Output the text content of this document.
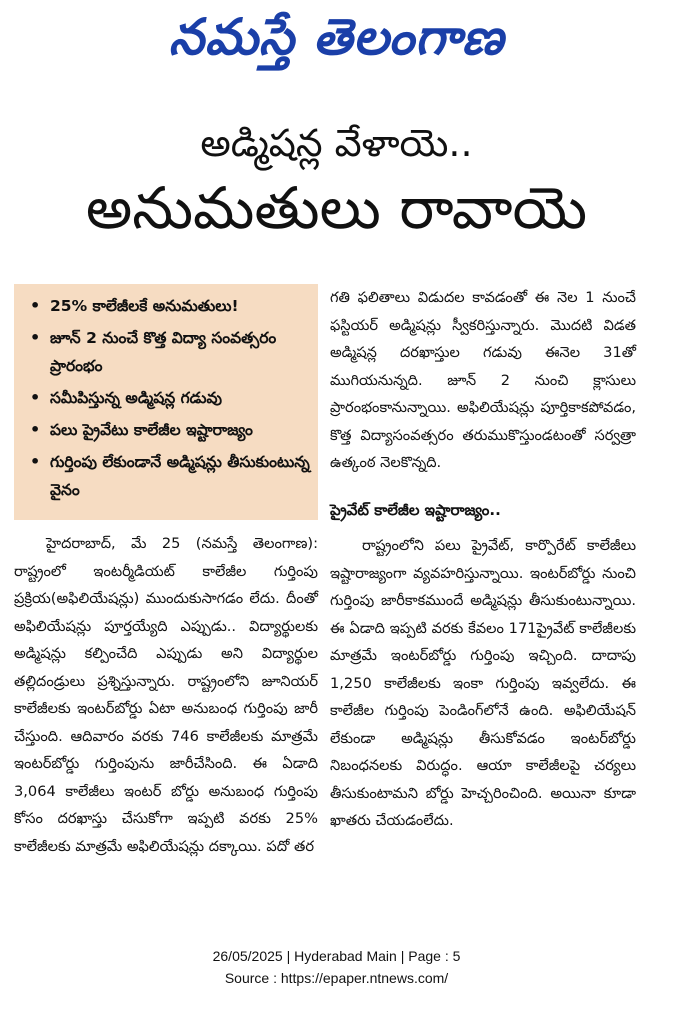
నమస్తే తెలంగాణ
అడ్మిషన్ల వేళాయె..
అనుమతులు రావాయె
• 25% కాలేజీలకే అనుమతులు!
• జూన్ 2 నుంచే కొత్త విద్యా సంవత్సరం ప్రారంభం
• సమీపిస్తున్న అడ్మిషన్ల గడువు
• పలు ప్రైవేటు కాలేజీల ఇష్టారాజ్యం
• గుర్తింపు లేకుండానే అడ్మిషన్లు తీసుకుంటున్న వైనం

హైదరాబాద్, మే 25 (నమస్తే తెలంగాణ): రాష్ట్రంలో ఇంటర్మీడియట్ కాలేజీల గుర్తింపు ప్రక్రియ(అఫిలియేషన్లు) ముందుకుసాగడం లేదు. దీంతో అఫిలియేషన్లు పూర్తయ్యేది ఎప్పుడు.. విద్యార్థులకు అడ్మిషన్లు కల్పించేది ఎప్పుడు అని విద్యార్థుల తల్లిదండ్రులు ప్రశ్నిస్తున్నారు. రాష్ట్రంలోని జూనియర్ కాలేజీలకు ఇంటర్‌బోర్డు ఏటా అనుబంధ గుర్తింపు జారీ చేస్తుంది. ఆదివారం వరకు 746 కాలేజీలకు మాత్రమే ఇంటర్‌బోర్డు గుర్తింపును జారీచేసింది. ఈ ఏడాది 3,064 కాలేజీలు ఇంటర్ బోర్డు అనుబంధ గుర్తింపు కోసం దరఖాస్తు చేసుకోగా ఇప్పటి వరకు 25% కాలేజీలకు మాత్రమే అఫిలియేషన్లు దక్కాయి. పదో తర

గతి ఫలితాలు విడుదల కావడంతో ఈ నెల 1 నుంచే ఫస్టియర్ అడ్మిషన్లు స్వీకరిస్తున్నారు. మొదటి విడత అడ్మిషన్ల దరఖాస్తుల గడువు ఈనెల 31తో ముగియనున్నది. జూన్ 2 నుంచి క్లాసులు ప్రారంభంకానున్నాయి. అఫిలియేషన్లు పూర్తికాకపోవడం, కొత్త విద్యాసంవత్సరం తరుముకొస్తుండటంతో సర్వత్రా ఉత్కంఠ నెలకొన్నది.

ప్రైవేట్ కాలేజీల ఇష్టారాజ్యం..

రాష్ట్రంలోని పలు ప్రైవేట్, కార్పొరేట్ కాలేజీలు ఇష్టారాజ్యంగా వ్యవహరిస్తున్నాయి. ఇంటర్‌బోర్డు నుంచి గుర్తింపు జారీకాకముందే అడ్మిషన్లు తీసుకుంటున్నాయి. ఈ ఏడాది ఇప్పటి వరకు కేవలం 171ప్రైవేట్ కాలేజీలకు మాత్రమే ఇంటర్‌బోర్డు గుర్తింపు ఇచ్చింది. దాదాపు 1,250 కాలేజీలకు ఇంకా గుర్తింపు ఇవ్వలేదు. ఈ కాలేజీల గుర్తింపు పెండింగ్‌లోనే ఉంది. అఫిలియేషన్ లేకుండా అడ్మిషన్లు తీసుకోవడం ఇంటర్‌బోర్డు నిబంధనలకు విరుద్ధం. ఆయా కాలేజీలపై చర్యలు తీసుకుంటామని బోర్డు హెచ్చరించింది. అయినా కూడా ఖాతరు చేయడంలేదు.

26/05/2025 | Hyderabad Main | Page : 5
Source : https://epaper.ntnews.com/
